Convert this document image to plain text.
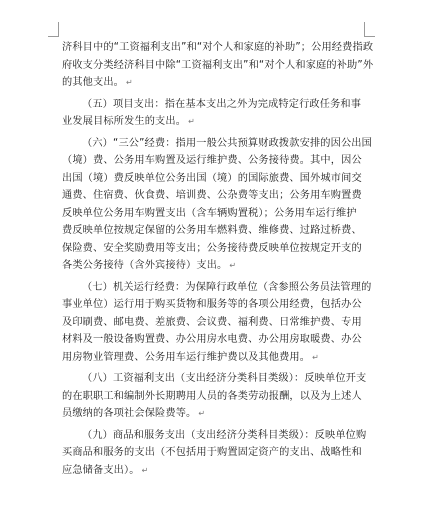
济科目中的“工资福利支出”和“对个人和家庭的补助”；公用经费指政
府收支分类经济科目中除“工资福利支出”和“对个人和家庭的补助”外
的其他支出。 ↵
（五）项目支出：指在基本支出之外为完成特定行政任务和事
业发展目标所发生的支出。 ↵
（六）“三公”经费：指用一般公共预算财政拨款安排的因公出国
（境）费、公务用车购置及运行维护费、公务接待费。其中，因公
出国（境）费反映单位公务出国（境）的国际旅费、国外城市间交
通费、住宿费、伙食费、培训费、公杂费等支出；公务用车购置费
反映单位公务用车购置支出（含车辆购置税）；公务用车运行维护
费反映单位按规定保留的公务用车燃料费、维修费、过路过桥费、
保险费、安全奖励费用等支出；公务接待费反映单位按规定开支的
各类公务接待（含外宾接待）支出。 ↵
（七）机关运行经费：为保障行政单位（含参照公务员法管理的
事业单位）运行用于购买货物和服务等的各项公用经费，包括办公
及印刷费、邮电费、差旅费、会议费、福利费、日常维护费、专用
材料及一般设备购置费、办公用房水电费、办公用房取暖费、办公
用房物业管理费、公务用车运行维护费以及其他费用。 ↵
（八）工资福利支出（支出经济分类科目类级）：反映单位开支
的在职职工和编制外长期聘用人员的各类劳动报酬，以及为上述人
员缴纳的各项社会保险费等。 ↵
（九）商品和服务支出（支出经济分类科目类级）：反映单位购
买商品和服务的支出（不包括用于购置固定资产的支出、战略性和
应急储备支出）。 ↵
